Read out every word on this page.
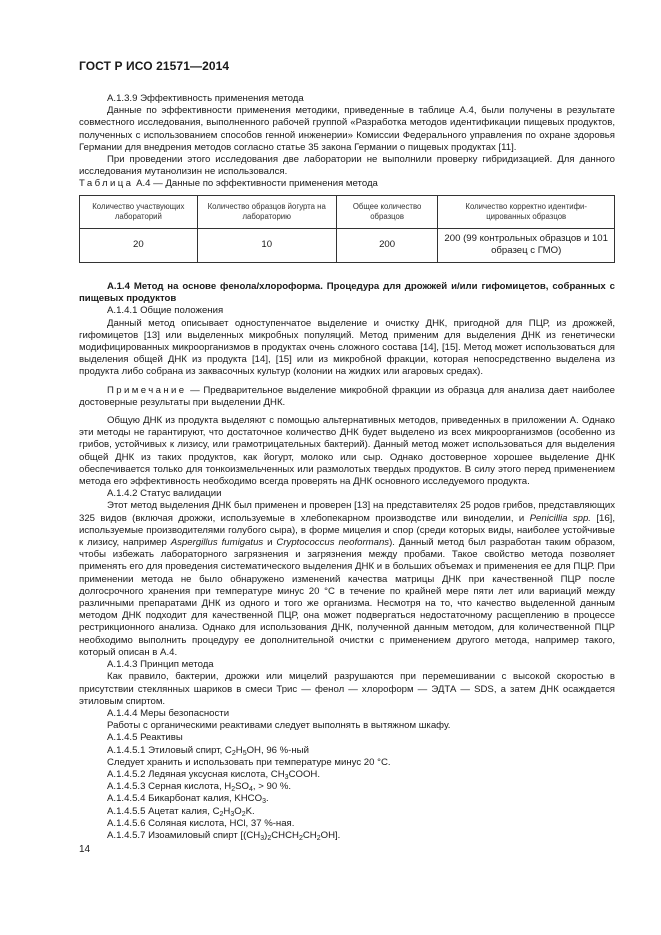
ГОСТ Р ИСО 21571—2014

А.1.3.9 Эффективность применения метода

Данные по эффективности применения методики, приведенные в таблице А.4, были получены в результате совместного исследования, выполненного рабочей группой «Разработка методов идентификации пищевых продуктов, полученных с использованием способов генной инженерии» Комиссии Федерального управления по охране здоровья Германии для внедрения методов согласно статье 35 закона Германии о пищевых продуктах [11].

При проведении этого исследования две лаборатории не выполнили проверку гибридизацией. Для данного исследования мутанолизин не использовался.

Таблица А.4 — Данные по эффективности применения метода

Количество участвующих лабораторий	Количество образцов йогурта на лабораторию	Общее количество образцов	Количество корректно идентифи-цированных образцов
20	10	200	200 (99 контрольных образцов и 101 образец с ГМО)

А.1.4 Метод на основе фенола/хлороформа. Процедура для дрожжей и/или гифомицетов, собранных с пищевых продуктов

А.1.4.1 Общие положения

Данный метод описывает одноступенчатое выделение и очистку ДНК, пригодной для ПЦР, из дрожжей, гифомицетов [13] или выделенных микробных популяций. Метод применим для выделения ДНК из генетически модифицированных микроорганизмов в продуктах очень сложного состава [14], [15]. Метод может использоваться для выделения общей ДНК из продукта [14], [15] или из микробной фракции, которая непосредственно выделена из продукта либо собрана из заквасочных культур (колонии на жидких или агаровых средах).

Примечание — Предварительное выделение микробной фракции из образца для анализа дает наиболее достоверные результаты при выделении ДНК.

Общую ДНК из продукта выделяют с помощью альтернативных методов, приведенных в приложении А. Однако эти методы не гарантируют, что достаточное количество ДНК будет выделено из всех микроорганизмов (особенно из грибов, устойчивых к лизису, или грамотрицательных бактерий). Данный метод может использоваться для выделения общей ДНК из таких продуктов, как йогурт, молоко или сыр. Однако достоверное хорошее выделение ДНК обеспечивается только для тонкоизмельченных или размолотых твердых продуктов. В силу этого перед применением метода его эффективность необходимо всегда проверять на ДНК основного исследуемого продукта.

А.1.4.2 Статус валидации

Этот метод выделения ДНК был применен и проверен [13] на представителях 25 родов грибов, представляющих 325 видов (включая дрожжи, используемые в хлебопекарном производстве или виноделии, и Penicillia spp. [16], используемые производителями голубого сыра), в форме мицелия и спор (среди которых виды, наиболее устойчивые к лизису, например Aspergillus fumigatus и Cryptococcus neoformans). Данный метод был разработан таким образом, чтобы избежать лабораторного загрязнения и загрязнения между пробами. Такое свойство метода позволяет применять его для проведения систематического выделения ДНК и в больших объемах и применения ее для ПЦР. При применении метода не было обнаружено изменений качества матрицы ДНК при качественной ПЦР после долгосрочного хранения при температуре минус 20 °С в течение по крайней мере пяти лет или вариаций между различными препаратами ДНК из одного и того же организма. Несмотря на то, что качество выделенной данным методом ДНК подходит для качественной ПЦР, она может подвергаться недостаточному расщеплению в процессе рестрикционного анализа. Однако для использования ДНК, полученной данным методом, для количественной ПЦР необходимо выполнить процедуру ее дополнительной очистки с применением другого метода, например такого, который описан в А.4.

А.1.4.3 Принцип метода

Как правило, бактерии, дрожжи или мицелий разрушаются при перемешивании с высокой скоростью в присутствии стеклянных шариков в смеси Трис — фенол — хлороформ — ЭДТА — SDS, а затем ДНК осаждается этиловым спиртом.

А.1.4.4 Меры безопасности

Работы с органическими реактивами следует выполнять в вытяжном шкафу.

А.1.4.5 Реактивы

А.1.4.5.1 Этиловый спирт, $C_2H_5OH$, 96 %-ный

Следует хранить и использовать при температуре минус 20 °С.

А.1.4.5.2 Ледяная уксусная кислота, $CH_3COOH$.

А.1.4.5.3 Серная кислота, $H_2SO_4$, > 90 %.

А.1.4.5.4 Бикарбонат калия, $KHCO_3$.

А.1.4.5.5 Ацетат калия, $C_2H_3O_2K$.

А.1.4.5.6 Соляная кислота, HCl, 37 %-ная.

А.1.4.5.7 Изоамиловый спирт $[(CH_3)_2CHCH_2CH_2OH]$.

14
